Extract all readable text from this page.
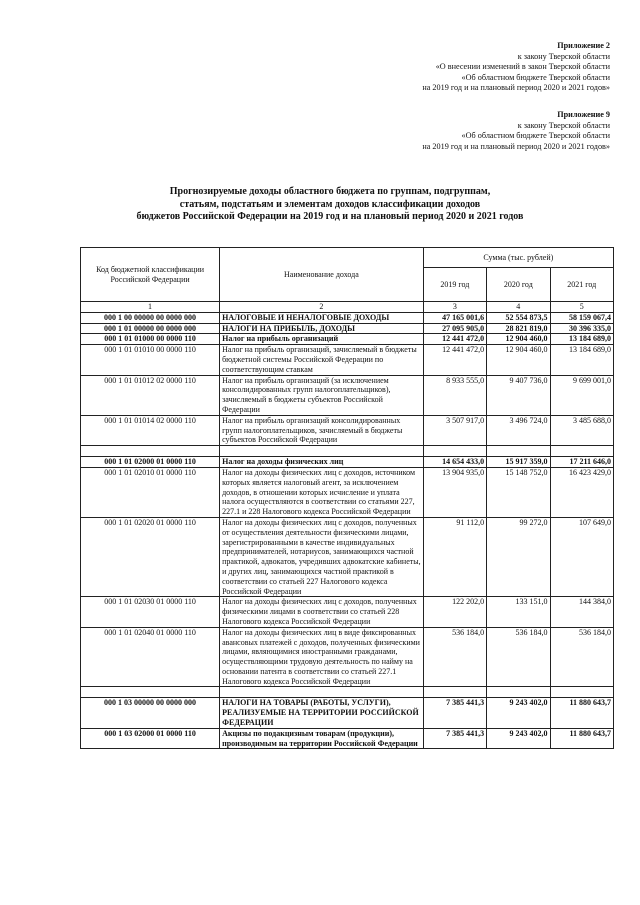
Приложение 2
к закону Тверской области
«О внесении изменений в закон Тверской области
«Об областном бюджете Тверской области
на 2019 год и на плановый период 2020 и 2021 годов»
Приложение 9
к закону Тверской области
«Об областном бюджете Тверской области
на 2019 год и на плановый период 2020 и 2021 годов»
Прогнозируемые доходы областного бюджета по группам, подгруппам,
статьям, подстатьям и элементам доходов классификации доходов
бюджетов Российской Федерации на 2019 год и на плановый период 2020 и 2021 годов
Код бюджетной классификации Российской Федерации	Наименование дохода	Сумма (тыс. рублей)		
		2019 год	2020 год	2021 год
1	2	3	4	5
000 1 00 00000 00 0000 000	НАЛОГОВЫЕ И НЕНАЛОГОВЫЕ ДОХОДЫ	47 165 001,6	52 554 873,5	58 159 067,4
000 1 01 00000 00 0000 000	НАЛОГИ НА ПРИБЫЛЬ, ДОХОДЫ	27 095 905,0	28 821 819,0	30 396 335,0
000 1 01 01000 00 0000 110	Налог на прибыль организаций	12 441 472,0	12 904 460,0	13 184 689,0
000 1 01 01010 00 0000 110	Налог на прибыль организаций, зачисляемый в бюджеты бюджетной системы Российской Федерации по соответствующим ставкам	12 441 472,0	12 904 460,0	13 184 689,0
000 1 01 01012 02 0000 110	Налог на прибыль организаций (за исключением консолидированных групп налогоплательщиков), зачисляемый в бюджеты субъектов Российской Федерации	8 933 555,0	9 407 736,0	9 699 001,0
000 1 01 01014 02 0000 110	Налог на прибыль организаций консолидированных групп налогоплательщиков, зачисляемый в бюджеты субъектов Российской Федерации	3 507 917,0	3 496 724,0	3 485 688,0

000 1 01 02000 01 0000 110	Налог на доходы физических лиц	14 654 433,0	15 917 359,0	17 211 646,0
000 1 01 02010 01 0000 110	Налог на доходы физических лиц с доходов, источником которых является налоговый агент, за исключением доходов, в отношении которых исчисление и уплата налога осуществляются в соответствии со статьями 227, 227.1 и 228 Налогового кодекса Российской Федерации	13 904 935,0	15 148 752,0	16 423 429,0
000 1 01 02020 01 0000 110	Налог на доходы физических лиц с доходов, полученных от осуществления деятельности физическими лицами, зарегистрированными в качестве индивидуальных предпринимателей, нотариусов, занимающихся частной практикой, адвокатов, учредивших адвокатские кабинеты, и других лиц, занимающихся частной практикой в соответствии со статьей 227 Налогового кодекса Российской Федерации	91 112,0	99 272,0	107 649,0
000 1 01 02030 01 0000 110	Налог на доходы физических лиц с доходов, полученных физическими лицами в соответствии со статьей 228 Налогового кодекса Российской Федерации	122 202,0	133 151,0	144 384,0
000 1 01 02040 01 0000 110	Налог на доходы физических лиц в виде фиксированных авансовых платежей с доходов, полученных физическими лицами, являющимися иностранными гражданами, осуществляющими трудовую деятельность по найму на основании патента в соответствии со статьей 227.1 Налогового кодекса Российской Федерации	536 184,0	536 184,0	536 184,0

000 1 03 00000 00 0000 000	НАЛОГИ НА ТОВАРЫ (РАБОТЫ, УСЛУГИ), РЕАЛИЗУЕМЫЕ НА ТЕРРИТОРИИ РОССИЙСКОЙ ФЕДЕРАЦИИ	7 385 441,3	9 243 402,0	11 880 643,7
000 1 03 02000 01 0000 110	Акцизы по подакцизным товарам (продукции), производимым на территории Российской Федерации	7 385 441,3	9 243 402,0	11 880 643,7
